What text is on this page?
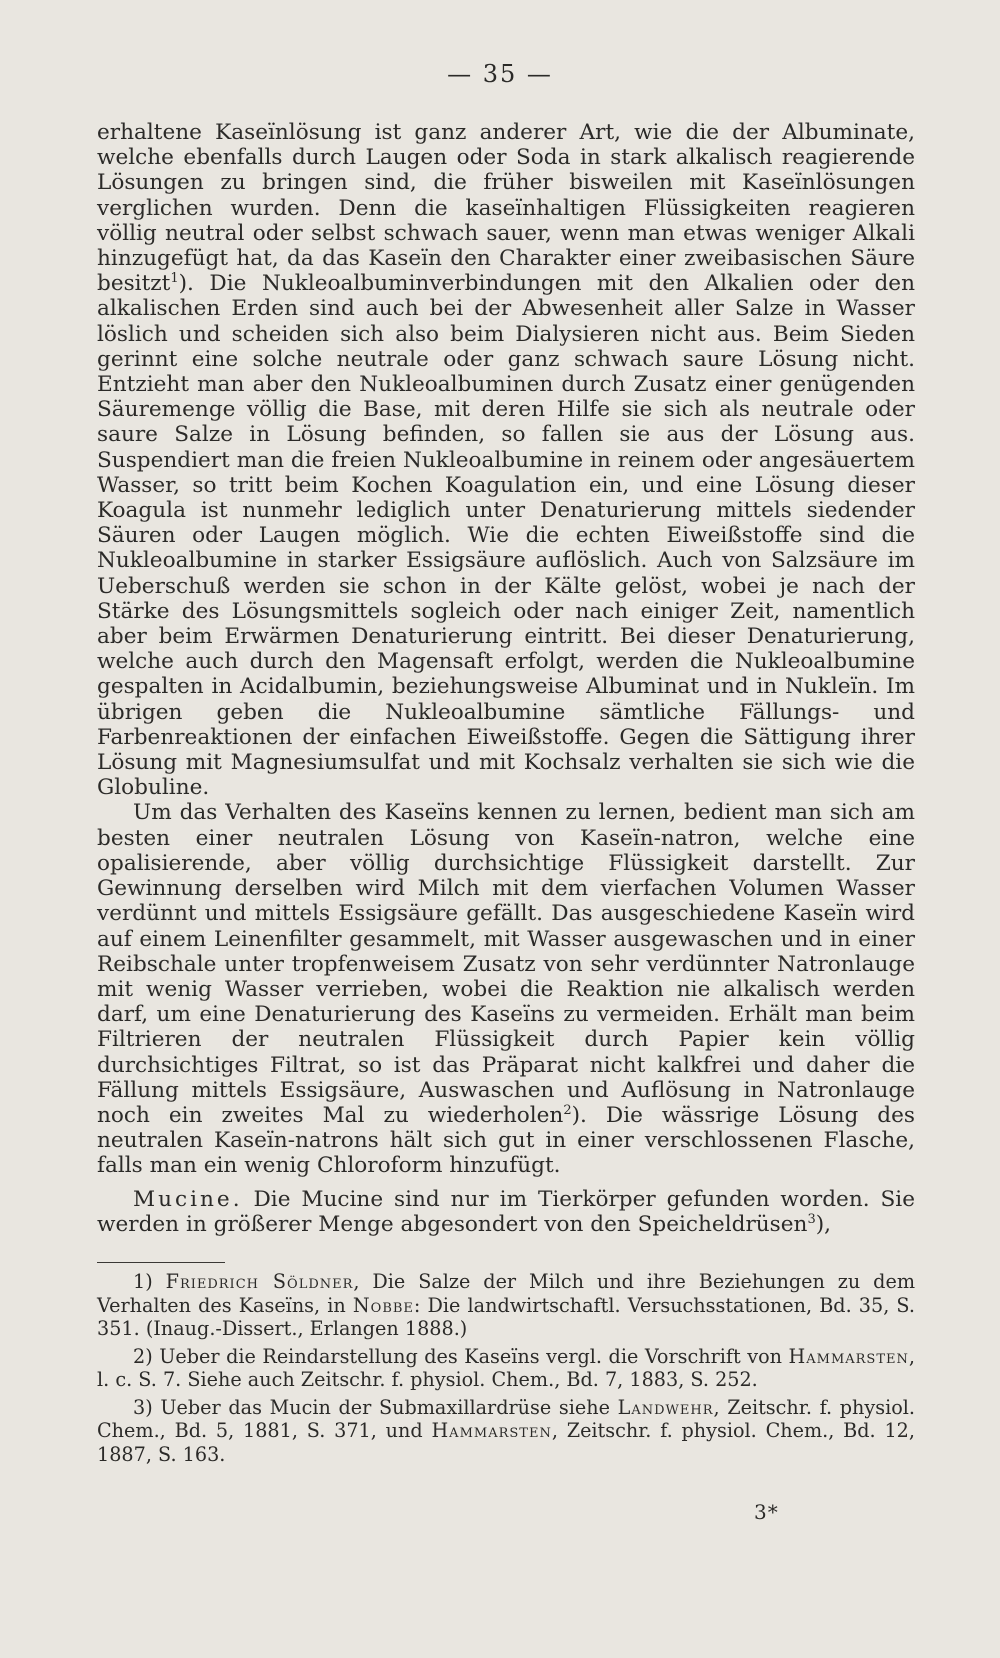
— 35 —

erhaltene Kaseïnlösung ist ganz anderer Art, wie die der Albuminate, welche ebenfalls durch Laugen oder Soda in stark alkalisch reagierende Lösungen zu bringen sind, die früher bisweilen mit Kaseïnlösungen verglichen wurden. Denn die kaseïnhaltigen Flüssigkeiten reagieren völlig neutral oder selbst schwach sauer, wenn man etwas weniger Alkali hinzugefügt hat, da das Kaseïn den Charakter einer zweibasischen Säure besitzt$^1$). Die Nukleoalbuminverbindungen mit den Alkalien oder den alkalischen Erden sind auch bei der Abwesenheit aller Salze in Wasser löslich und scheiden sich also beim Dialysieren nicht aus. Beim Sieden gerinnt eine solche neutrale oder ganz schwach saure Lösung nicht. Entzieht man aber den Nukleoalbuminen durch Zusatz einer genügenden Säuremenge völlig die Base, mit deren Hilfe sie sich als neutrale oder saure Salze in Lösung befinden, so fallen sie aus der Lösung aus. Suspendiert man die freien Nukleoalbumine in reinem oder angesäuertem Wasser, so tritt beim Kochen Koagulation ein, und eine Lösung dieser Koagula ist nunmehr lediglich unter Denaturierung mittels siedender Säuren oder Laugen möglich. Wie die echten Eiweißstoffe sind die Nukleoalbumine in starker Essigsäure auflöslich. Auch von Salzsäure im Ueberschuß werden sie schon in der Kälte gelöst, wobei je nach der Stärke des Lösungsmittels sogleich oder nach einiger Zeit, namentlich aber beim Erwärmen Denaturierung eintritt. Bei dieser Denaturierung, welche auch durch den Magensaft erfolgt, werden die Nukleoalbumine gespalten in Acidalbumin, beziehungsweise Albuminat und in Nukleïn. Im übrigen geben die Nukleoalbumine sämtliche Fällungs- und Farbenreaktionen der einfachen Eiweißstoffe. Gegen die Sättigung ihrer Lösung mit Magnesiumsulfat und mit Kochsalz verhalten sie sich wie die Globuline.

Um das Verhalten des Kaseïns kennen zu lernen, bedient man sich am besten einer neutralen Lösung von Kaseïn-natron, welche eine opalisierende, aber völlig durchsichtige Flüssigkeit darstellt. Zur Gewinnung derselben wird Milch mit dem vierfachen Volumen Wasser verdünnt und mittels Essigsäure gefällt. Das ausgeschiedene Kaseïn wird auf einem Leinenfilter gesammelt, mit Wasser ausgewaschen und in einer Reibschale unter tropfenweisem Zusatz von sehr verdünnter Natronlauge mit wenig Wasser verrieben, wobei die Reaktion nie alkalisch werden darf, um eine Denaturierung des Kaseïns zu vermeiden. Erhält man beim Filtrieren der neutralen Flüssigkeit durch Papier kein völlig durchsichtiges Filtrat, so ist das Präparat nicht kalkfrei und daher die Fällung mittels Essigsäure, Auswaschen und Auflösung in Natronlauge noch ein zweites Mal zu wiederholen$^2$). Die wässrige Lösung des neutralen Kaseïn-natrons hält sich gut in einer verschlossenen Flasche, falls man ein wenig Chloroform hinzufügt.

Mucine. Die Mucine sind nur im Tierkörper gefunden worden. Sie werden in größerer Menge abgesondert von den Speicheldrüsen$^3$),

1) Friedrich Söldner, Die Salze der Milch und ihre Beziehungen zu dem Verhalten des Kaseïns, in Nobbe: Die landwirtschaftl. Versuchsstationen, Bd. 35, S. 351. (Inaug.-Dissert., Erlangen 1888.)

2) Ueber die Reindarstellung des Kaseïns vergl. die Vorschrift von Hammarsten, l. c. S. 7. Siehe auch Zeitschr. f. physiol. Chem., Bd. 7, 1883, S. 252.

3) Ueber das Mucin der Submaxillardrüse siehe Landwehr, Zeitschr. f. physiol. Chem., Bd. 5, 1881, S. 371, und Hammarsten, Zeitschr. f. physiol. Chem., Bd. 12, 1887, S. 163.

3*
